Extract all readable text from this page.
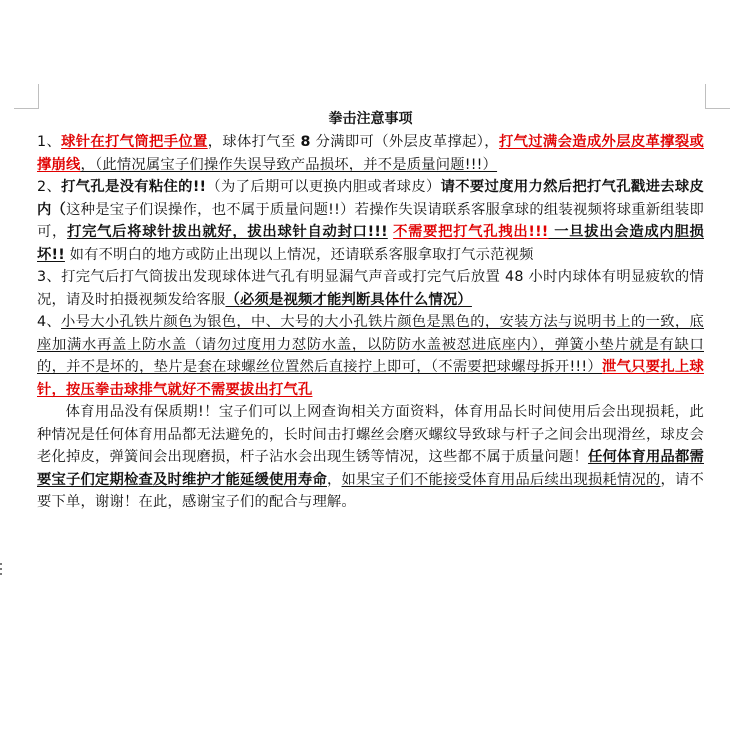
拳击注意事项

1、球针在打气筒把手位置，球体打气至 8 分满即可（外层皮革撑起），打气过满会造成外层皮革撑裂或撑崩线，（此情况属宝子们操作失误导致产品损坏，并不是质量问题!!!）

2、打气孔是没有粘住的!!（为了后期可以更换内胆或者球皮）请不要过度用力然后把打气孔戳进去球皮内（这种是宝子们误操作，也不属于质量问题!!）若操作失误请联系客服拿球的组装视频将球重新组装即可，打完气后将球针拔出就好，拔出球针自动封口!!! 不需要把打气孔拽出!!! 一旦拔出会造成内胆损坏!! 如有不明白的地方或防止出现以上情况，还请联系客服拿取打气示范视频

3、打完气后打气筒拔出发现球体进气孔有明显漏气声音或打完气后放置 48 小时内球体有明显疲软的情况，请及时拍摄视频发给客服（必须是视频才能判断具体什么情况）

4、小号大小孔铁片颜色为银色，中、大号的大小孔铁片颜色是黑色的，安装方法与说明书上的一致，底座加满水再盖上防水盖（请勿过度用力怼防水盖，以防防水盖被怼进底座内），弹簧小垫片就是有缺口的，并不是坏的，垫片是套在球螺丝位置然后直接拧上即可，（不需要把球螺母拆开!!!）泄气只要扎上球针，按压拳击球排气就好不需要拔出打气孔

体育用品没有保质期!！宝子们可以上网查询相关方面资料，体育用品长时间使用后会出现损耗，此种情况是任何体育用品都无法避免的，长时间击打螺丝会磨灭螺纹导致球与杆子之间会出现滑丝，球皮会老化掉皮，弹簧间会出现磨损，杆子沾水会出现生锈等情况，这些都不属于质量问题！任何体育用品都需要宝子们定期检查及时维护才能延缓使用寿命，如果宝子们不能接受体育用品后续出现损耗情况的，请不要下单，谢谢！在此，感谢宝子们的配合与理解。
